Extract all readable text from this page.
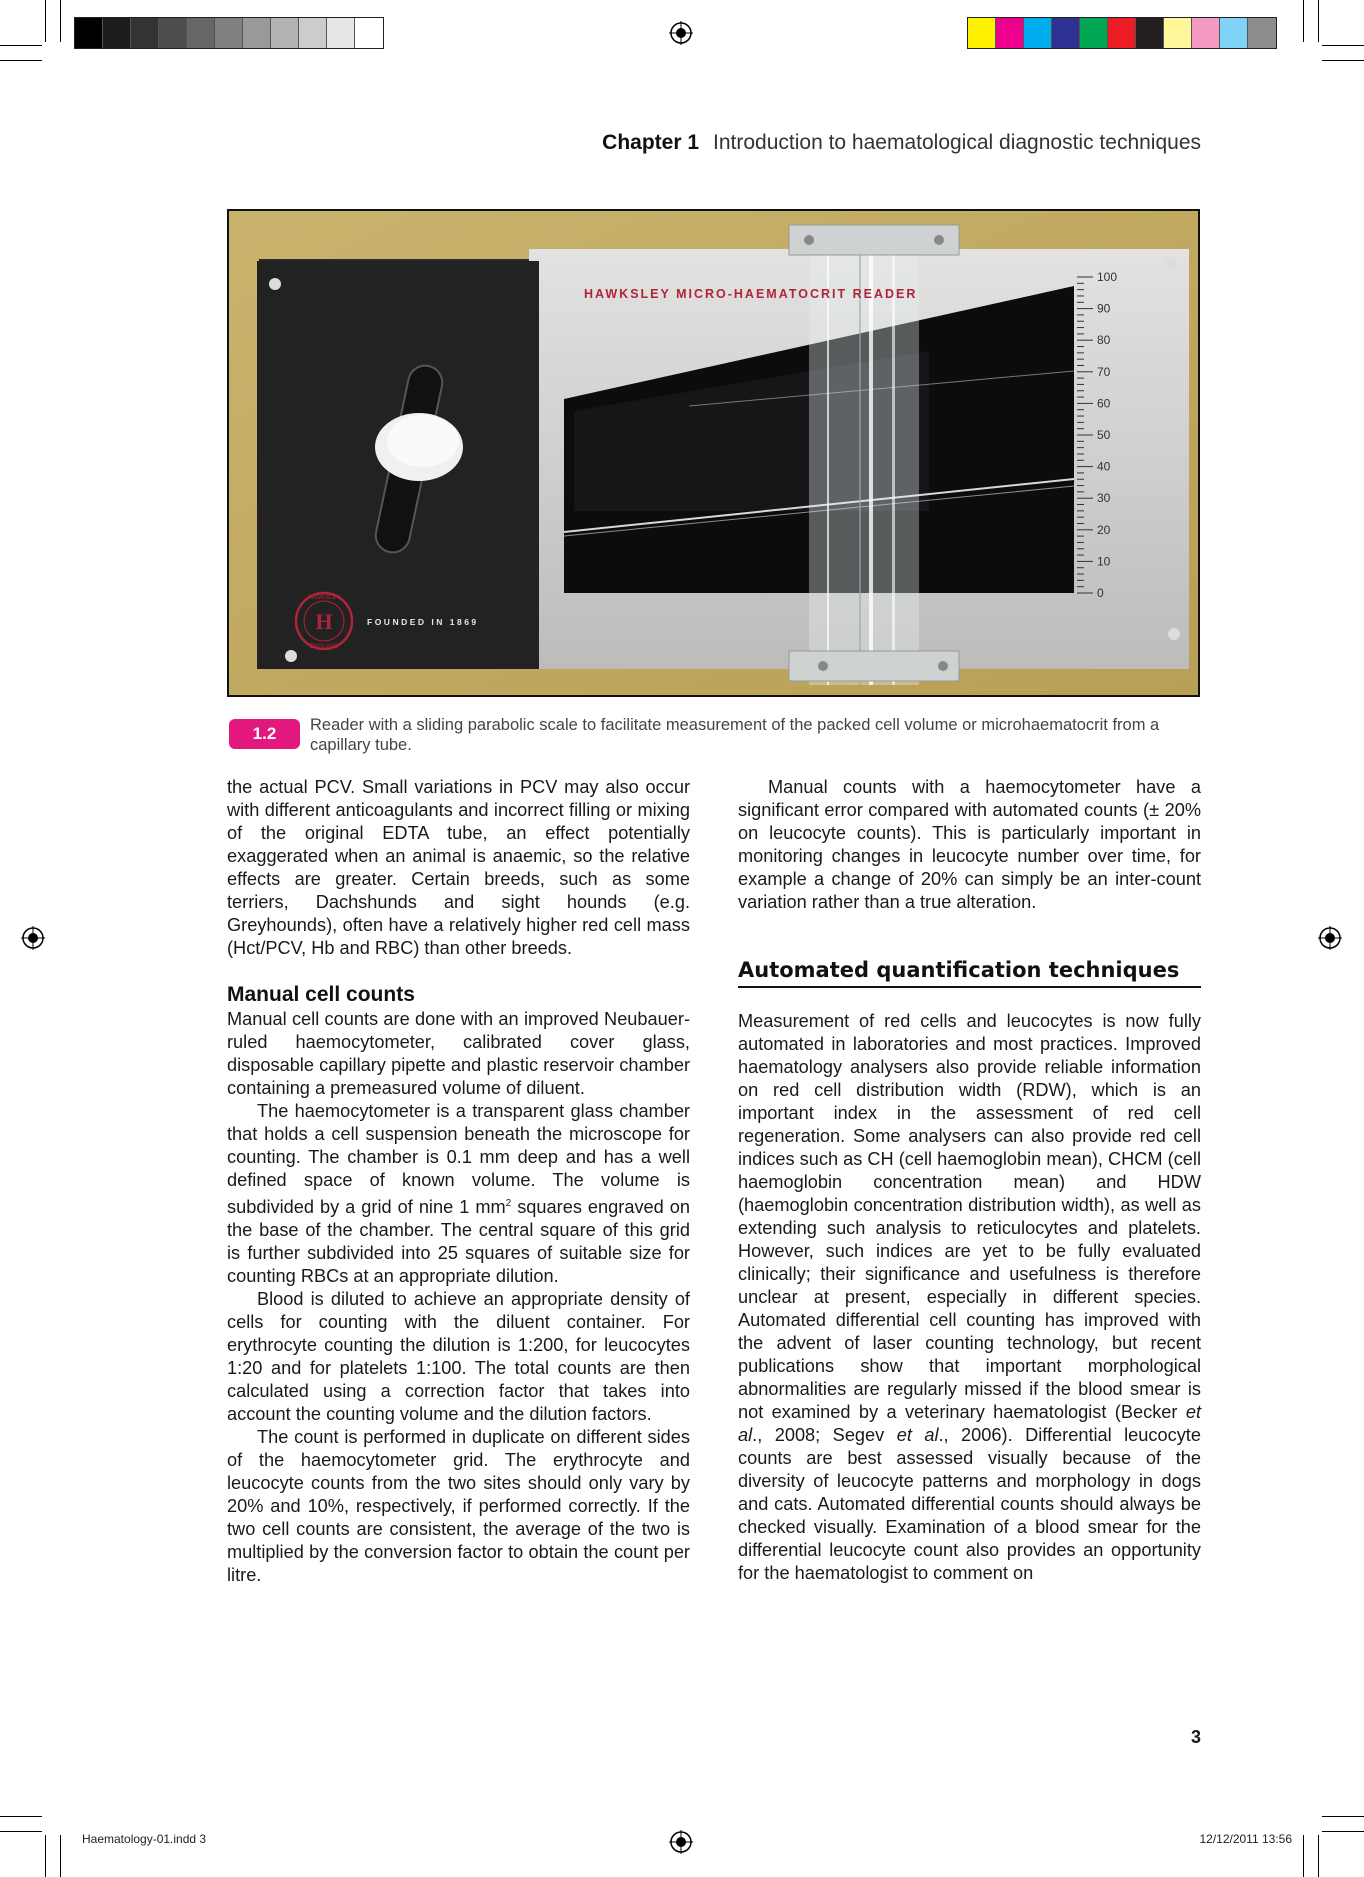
Chapter 1 Introduction to haematological diagnostic techniques
100
90
80
70
60
50
40
30
20
10
0
HAWKSLEY MICRO-HAEMATOCRIT READER
H
HAWKSLEY
ENGLAND
FOUNDED IN 1869
1.2	Reader with a sliding parabolic scale to facilitate measurement of the packed cell volume or microhaematocrit from a capillary tube.

the actual PCV. Small variations in PCV may also occur with different anticoagulants and incorrect filling or mixing of the original EDTA tube, an effect potentially exaggerated when an animal is anaemic, so the relative effects are greater. Certain breeds, such as some terriers, Dachshunds and sight hounds (e.g. Greyhounds), often have a relatively higher red cell mass (Hct/PCV, Hb and RBC) than other breeds.

Manual cell counts

Manual cell counts are done with an improved Neubauer-ruled haemocytometer, calibrated cover glass, disposable capillary pipette and plastic reservoir chamber containing a premeasured volume of diluent.

The haemocytometer is a transparent glass chamber that holds a cell suspension beneath the microscope for counting. The chamber is 0.1 mm deep and has a well defined space of known volume. The volume is subdivided by a grid of nine 1 $mm^2$ squares engraved on the base of the chamber. The central square of this grid is further subdivided into 25 squares of suitable size for counting RBCs at an appropriate dilution.

Blood is diluted to achieve an appropriate density of cells for counting with the diluent container. For erythrocyte counting the dilution is 1:200, for leucocytes 1:20 and for platelets 1:100. The total counts are then calculated using a correction factor that takes into account the counting volume and the dilution factors.

The count is performed in duplicate on different sides of the haemocytometer grid. The erythrocyte and leucocyte counts from the two sites should only vary by 20% and 10%, respectively, if performed correctly. If the two cell counts are consistent, the average of the two is multiplied by the conversion factor to obtain the count per litre.

Manual counts with a haemocytometer have a significant error compared with automated counts (± 20% on leucocyte counts). This is particularly important in monitoring changes in leucocyte number over time, for example a change of 20% can simply be an inter-count variation rather than a true alteration.

Automated quantification techniques

Measurement of red cells and leucocytes is now fully automated in laboratories and most practices. Improved haematology analysers also provide reliable information on red cell distribution width (RDW), which is an important index in the assessment of red cell regeneration. Some analysers can also provide red cell indices such as CH (cell haemoglobin mean), CHCM (cell haemoglobin concentration mean) and HDW (haemoglobin concentration distribution width), as well as extending such analysis to reticulocytes and platelets. However, such indices are yet to be fully evaluated clinically; their significance and usefulness is therefore unclear at present, especially in different species. Automated differential cell counting has improved with the advent of laser counting technology, but recent publications show that important morphological abnormalities are regularly missed if the blood smear is not examined by a veterinary haematologist (Becker et al., 2008; Segev et al., 2006). Differential leucocyte counts are best assessed visually because of the diversity of leucocyte patterns and morphology in dogs and cats. Automated differential counts should always be checked visually. Examination of a blood smear for the differential leucocyte count also provides an opportunity for the haematologist to comment on

3
Haematology-01.indd 3	12/12/2011 13:56
